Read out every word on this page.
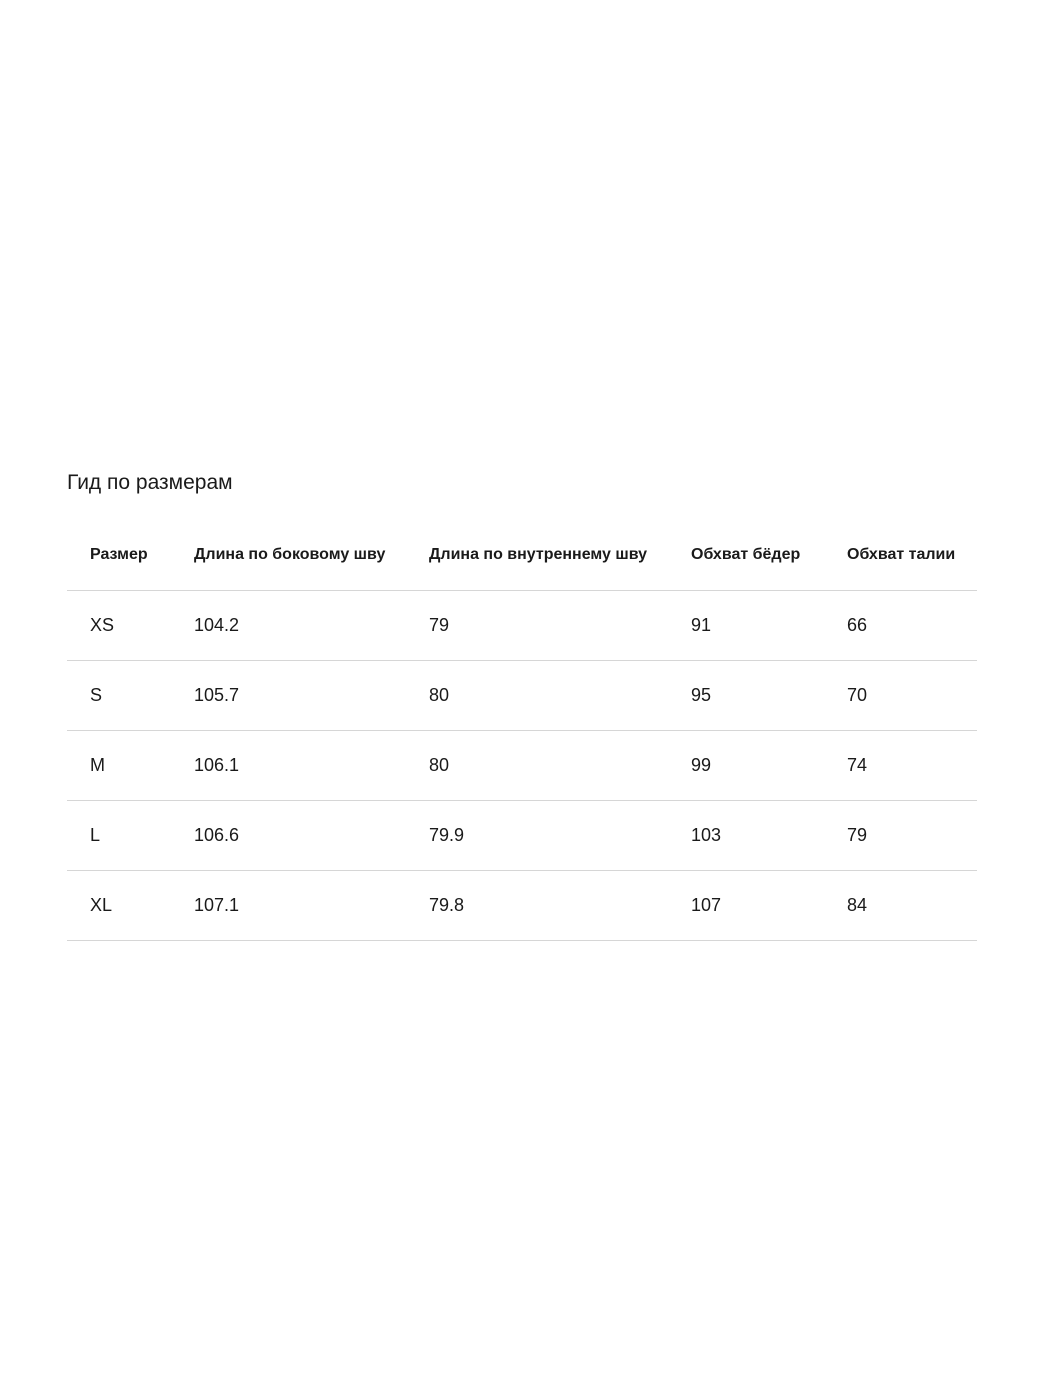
Гид по размерам
Размер	Длина по боковому шву	Длина по внутреннему шву	Обхват бёдер	Обхват талии
XS	104.2	79	91	66
S	105.7	80	95	70
M	106.1	80	99	74
L	106.6	79.9	103	79
XL	107.1	79.8	107	84
